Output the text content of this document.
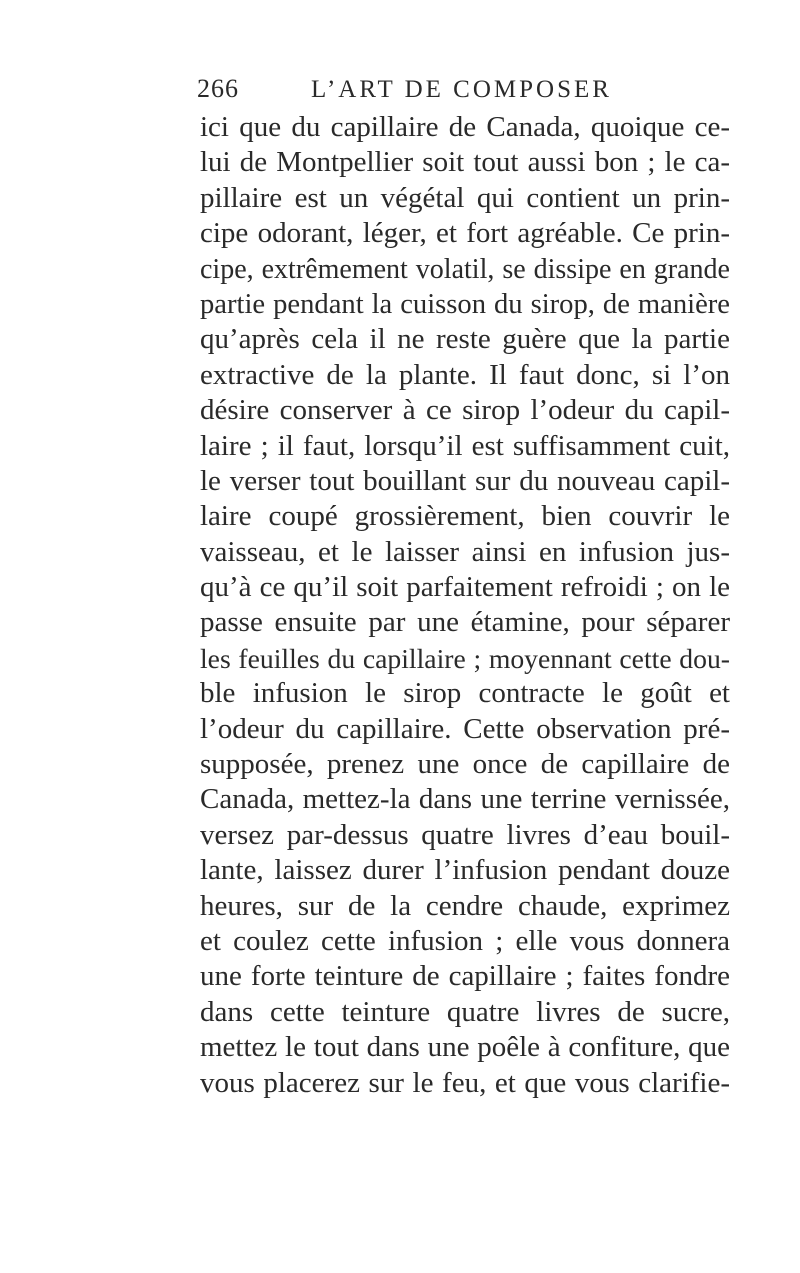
266	L’ART DE COMPOSER
ici que du capillaire de Canada, quoique ce-
lui de Montpellier soit tout aussi bon ; le ca-
pillaire est un végétal qui contient un prin-
cipe odorant, léger, et fort agréable. Ce prin-
cipe, extrêmement volatil, se dissipe en grande
partie pendant la cuisson du sirop, de manière
qu’après cela il ne reste guère que la partie
extractive de la plante. Il faut donc, si l’on
désire conserver à ce sirop l’odeur du capil-
laire ; il faut, lorsqu’il est suffisamment cuit,
le verser tout bouillant sur du nouveau capil-
laire coupé grossièrement, bien couvrir le
vaisseau, et le laisser ainsi en infusion jus-
qu’à ce qu’il soit parfaitement refroidi ; on le
passe ensuite par une étamine, pour séparer
les feuilles du capillaire ; moyennant cette dou-
ble infusion le sirop contracte le goût et
l’odeur du capillaire. Cette observation pré-
supposée, prenez une once de capillaire de
Canada, mettez-la dans une terrine vernissée,
versez par-dessus quatre livres d’eau bouil-
lante, laissez durer l’infusion pendant douze
heures, sur de la cendre chaude, exprimez
et coulez cette infusion ; elle vous donnera
une forte teinture de capillaire ; faites fondre
dans cette teinture quatre livres de sucre,
mettez le tout dans une poêle à confiture, que
vous placerez sur le feu, et que vous clarifie-
